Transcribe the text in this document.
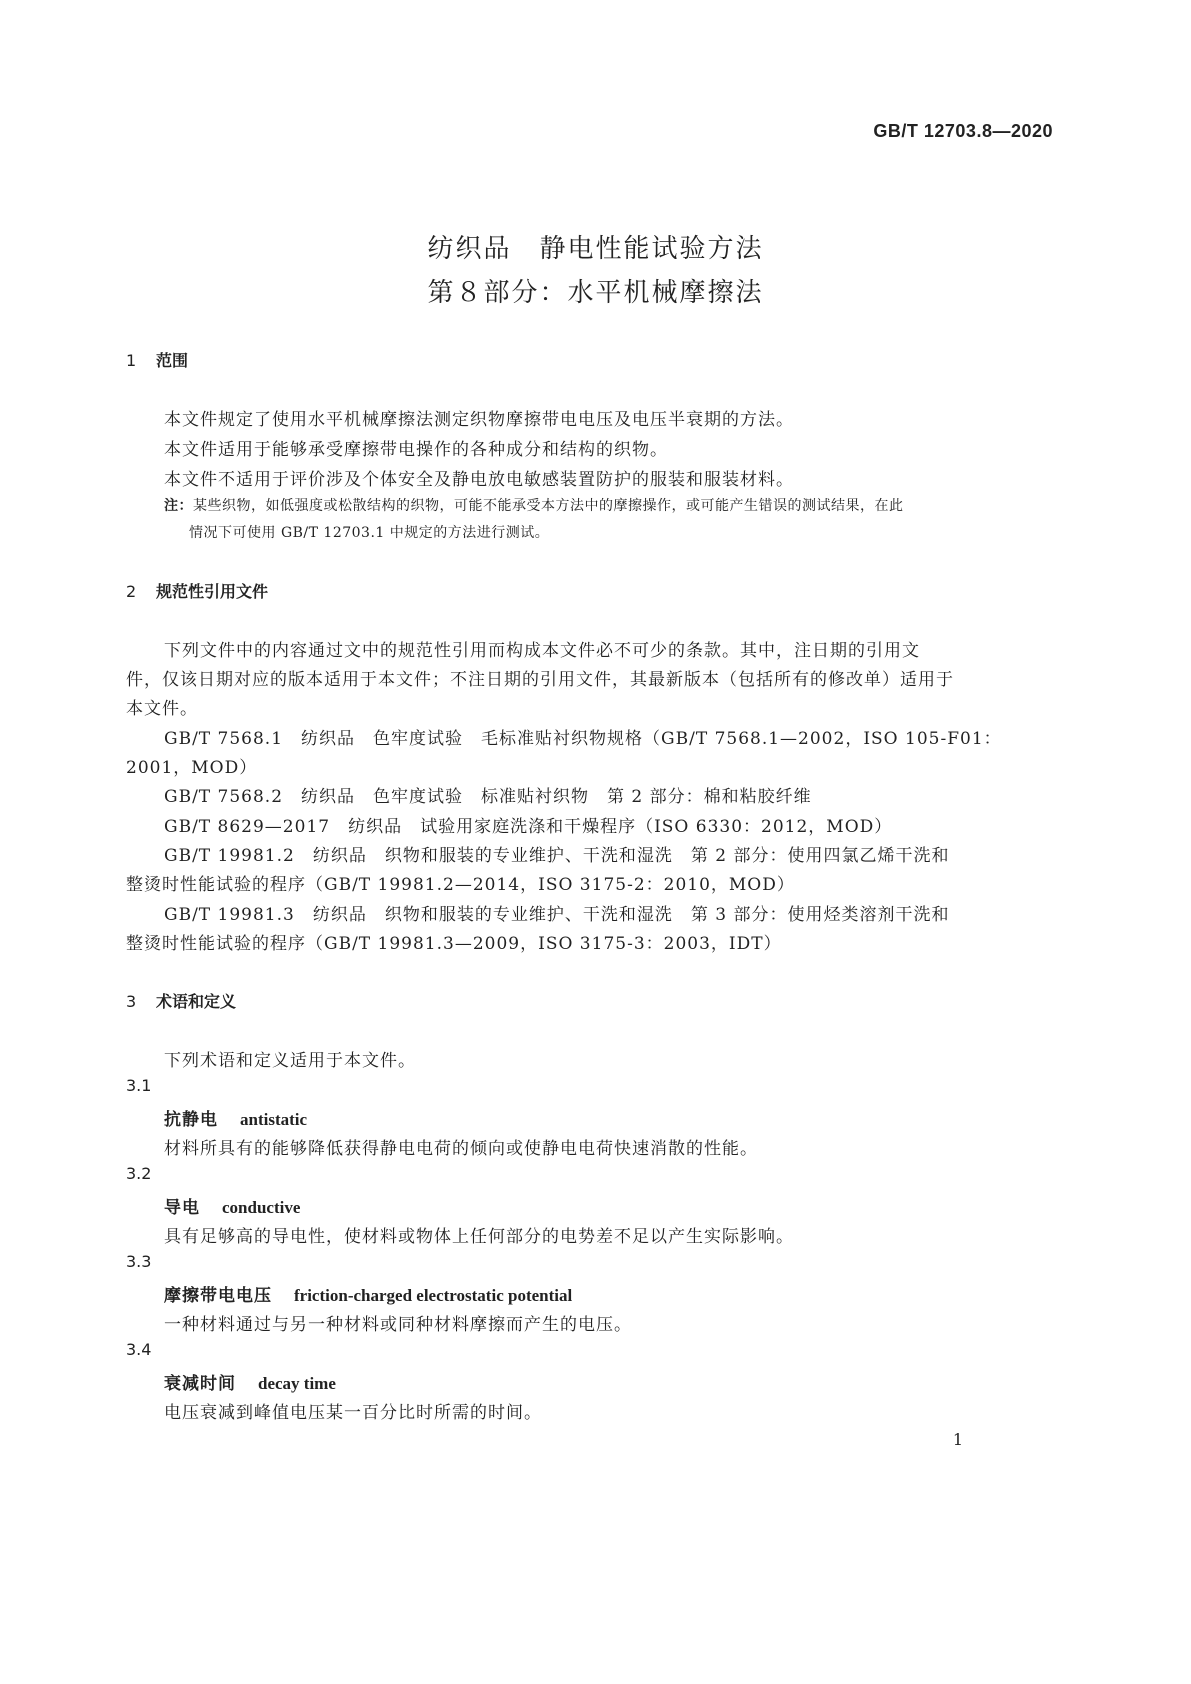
GB/T 12703.8—2020
纺织品　静电性能试验方法
第８部分：水平机械摩擦法
1 范围
本文件规定了使用水平机械摩擦法测定织物摩擦带电电压及电压半衰期的方法。
本文件适用于能够承受摩擦带电操作的各种成分和结构的织物。
本文件不适用于评价涉及个体安全及静电放电敏感装置防护的服装和服装材料。
注：某些织物，如低强度或松散结构的织物，可能不能承受本方法中的摩擦操作，或可能产生错误的测试结果，在此
情况下可使用 GB/T 12703.1 中规定的方法进行测试。
2 规范性引用文件
下列文件中的内容通过文中的规范性引用而构成本文件必不可少的条款。其中，注日期的引用文
件，仅该日期对应的版本适用于本文件；不注日期的引用文件，其最新版本（包括所有的修改单）适用于
本文件。
GB/T 7568.1　纺织品　色牢度试验　毛标准贴衬织物规格（GB/T 7568.1—2002，ISO 105-F01：
2001，MOD）
GB/T 7568.2　纺织品　色牢度试验　标准贴衬织物　第 2 部分：棉和粘胶纤维
GB/T 8629—2017　纺织品　试验用家庭洗涤和干燥程序（ISO 6330：2012，MOD）
GB/T 19981.2　纺织品　织物和服装的专业维护、干洗和湿洗　第 2 部分：使用四氯乙烯干洗和
整烫时性能试验的程序（GB/T 19981.2—2014，ISO 3175-2：2010，MOD）
GB/T 19981.3　纺织品　织物和服装的专业维护、干洗和湿洗　第 3 部分：使用烃类溶剂干洗和
整烫时性能试验的程序（GB/T 19981.3—2009，ISO 3175-3：2003，IDT）
3 术语和定义
下列术语和定义适用于本文件。
3.1
抗静电 antistatic
材料所具有的能够降低获得静电电荷的倾向或使静电电荷快速消散的性能。
3.2
导电 conductive
具有足够高的导电性，使材料或物体上任何部分的电势差不足以产生实际影响。
3.3
摩擦带电电压 friction-charged electrostatic potential
一种材料通过与另一种材料或同种材料摩擦而产生的电压。
3.4
衰减时间 decay time
电压衰减到峰值电压某一百分比时所需的时间。
1
